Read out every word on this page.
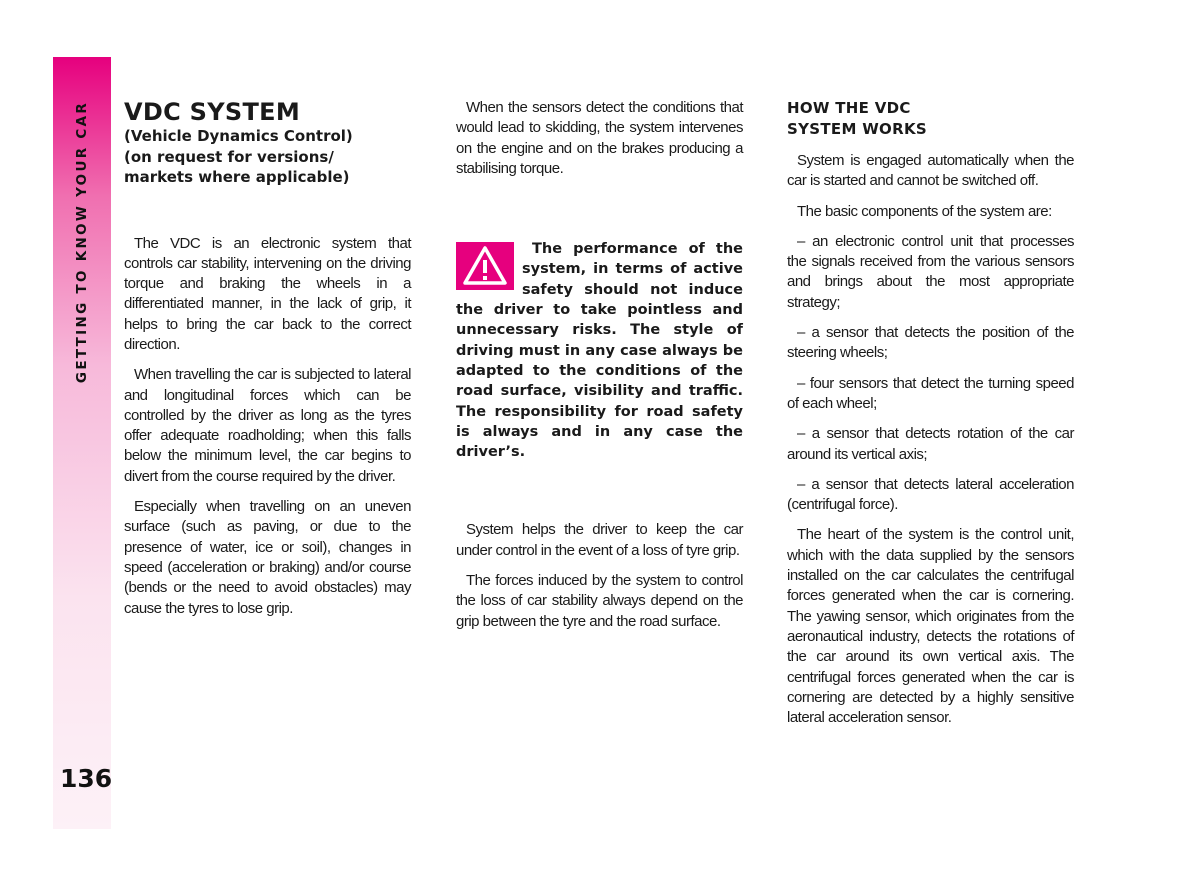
GETTING TO KNOW YOUR CAR
136
VDC SYSTEM
(Vehicle Dynamics Control)
(on request for versions/
markets where applicable)

The VDC is an electronic system that controls car stability, intervening on the driving torque and braking the wheels in a differentiated manner, in the lack of grip, it helps to bring the car back to the correct direction.

When travelling the car is subjected to lateral and longitudinal forces which can be controlled by the driver as long as the tyres offer adequate roadholding; when this falls below the minimum level, the car begins to divert from the course required by the driver.

Especially when travelling on an uneven surface (such as paving, or due to the presence of water, ice or soil), changes in speed (acceleration or braking) and/or course (bends or the need to avoid obstacles) may cause the tyres to lose grip.

When the sensors detect the conditions that would lead to skidding, the system intervenes on the engine and on the brakes producing a stabilising torque.

The performance of the system, in terms of active safety should not induce the driver to take pointless and unnecessary risks. The style of driving must in any case always be adapted to the conditions of the road surface, visibility and traffic. The responsibility for road safety is always and in any case the driver’s.

System helps the driver to keep the car under control in the event of a loss of tyre grip.

The forces induced by the system to control the loss of car stability always depend on the grip between the tyre and the road surface.

HOW THE VDC
SYSTEM WORKS

System is engaged automatically when the car is started and cannot be switched off.

The basic components of the system are:

– an electronic control unit that processes the signals received from the various sensors and brings about the most appropriate strategy;

– a sensor that detects the position of the steering wheels;

– four sensors that detect the turning speed of each wheel;

– a sensor that detects rotation of the car around its vertical axis;

– a sensor that detects lateral acceleration (centrifugal force).

The heart of the system is the control unit, which with the data supplied by the sensors installed on the car calculates the centrifugal forces generated when the car is cornering. The yawing sensor, which originates from the aeronautical industry, detects the rotations of the car around its own vertical axis. The centrifugal forces generated when the car is cornering are detected by a highly sensitive lateral acceleration sensor.
